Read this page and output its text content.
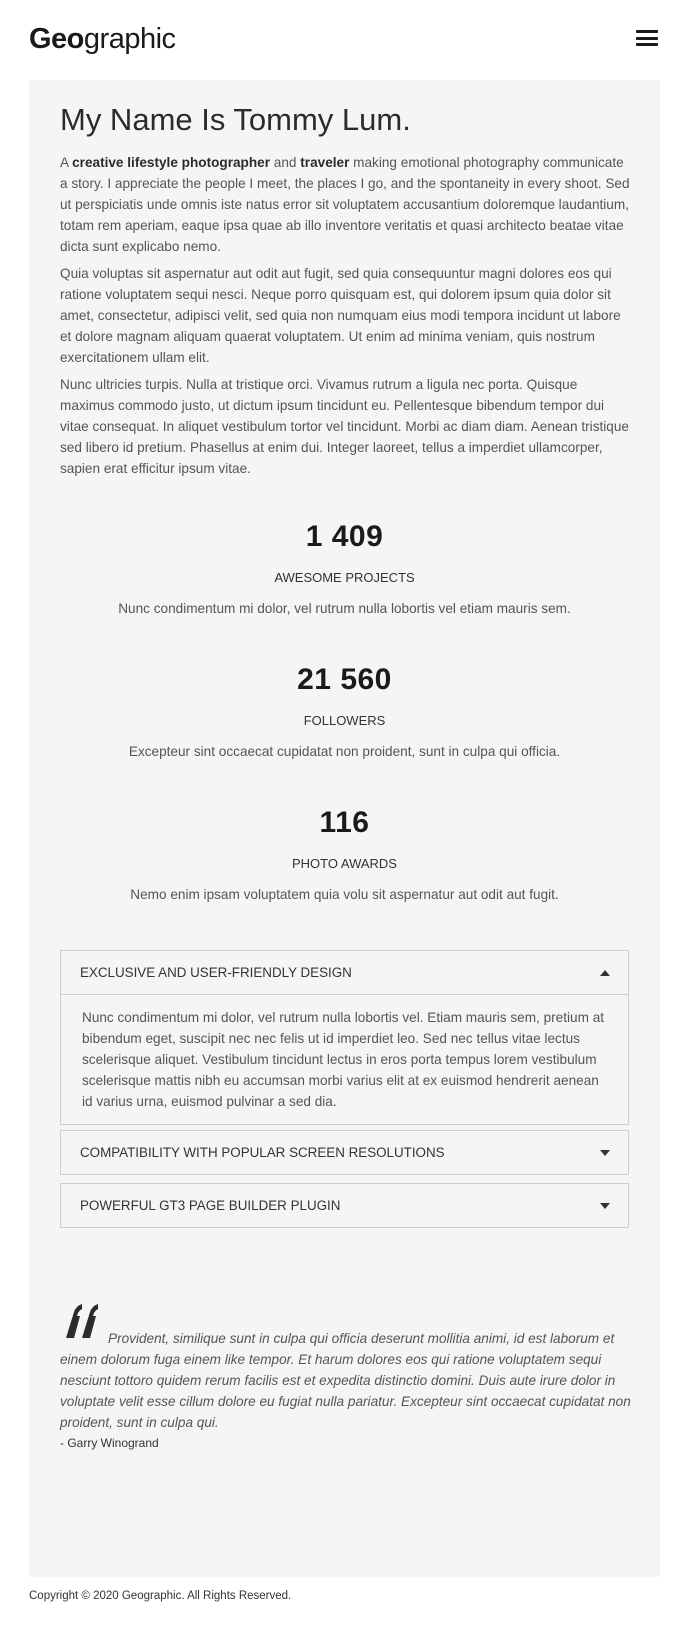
Geographic
My Name Is Tommy Lum.

A creative lifestyle photographer and traveler making emotional photography communicate a story. I appreciate the people I meet, the places I go, and the spontaneity in every shoot. Sed ut perspiciatis unde omnis iste natus error sit voluptatem accusantium doloremque laudantium, totam rem aperiam, eaque ipsa quae ab illo inventore veritatis et quasi architecto beatae vitae dicta sunt explicabo nemo.

Quia voluptas sit aspernatur aut odit aut fugit, sed quia consequuntur magni dolores eos qui ratione voluptatem sequi nesci. Neque porro quisquam est, qui dolorem ipsum quia dolor sit amet, consectetur, adipisci velit, sed quia non numquam eius modi tempora incidunt ut labore et dolore magnam aliquam quaerat voluptatem. Ut enim ad minima veniam, quis nostrum exercitationem ullam elit.

Nunc ultricies turpis. Nulla at tristique orci. Vivamus rutrum a ligula nec porta. Quisque maximus commodo justo, ut dictum ipsum tincidunt eu. Pellentesque bibendum tempor dui vitae consequat. In aliquet vestibulum tortor vel tincidunt. Morbi ac diam diam. Aenean tristique sed libero id pretium. Phasellus at enim dui. Integer laoreet, tellus a imperdiet ullamcorper, sapien erat efficitur ipsum vitae.

1 409
AWESOME PROJECTS
Nunc condimentum mi dolor, vel rutrum nulla lobortis vel etiam mauris sem.
21 560
FOLLOWERS
Excepteur sint occaecat cupidatat non proident, sunt in culpa qui officia.
116
PHOTO AWARDS
Nemo enim ipsam voluptatem quia volu sit aspernatur aut odit aut fugit.
EXCLUSIVE AND USER-FRIENDLY DESIGN
Nunc condimentum mi dolor, vel rutrum nulla lobortis vel. Etiam mauris sem, pretium at bibendum eget, suscipit nec nec felis ut id imperdiet leo. Sed nec tellus vitae lectus scelerisque aliquet. Vestibulum tincidunt lectus in eros porta tempus lorem vestibulum scelerisque mattis nibh eu accumsan morbi varius elit at ex euismod hendrerit aenean id varius urna, euismod pulvinar a sed dia.
COMPATIBILITY WITH POPULAR SCREEN RESOLUTIONS
POWERFUL GT3 PAGE BUILDER PLUGIN

Provident, similique sunt in culpa qui officia deserunt mollitia animi, id est laborum et einem dolorum fuga einem like tempor. Et harum dolores eos qui ratione voluptatem sequi nesciunt tottoro quidem rerum facilis est et expedita distinctio domini. Duis aute irure dolor in voluptate velit esse cillum dolore eu fugiat nulla pariatur. Excepteur sint occaecat cupidatat non proident, sunt in culpa qui.

- Garry Winogrand
Copyright © 2020 Geographic. All Rights Reserved.
